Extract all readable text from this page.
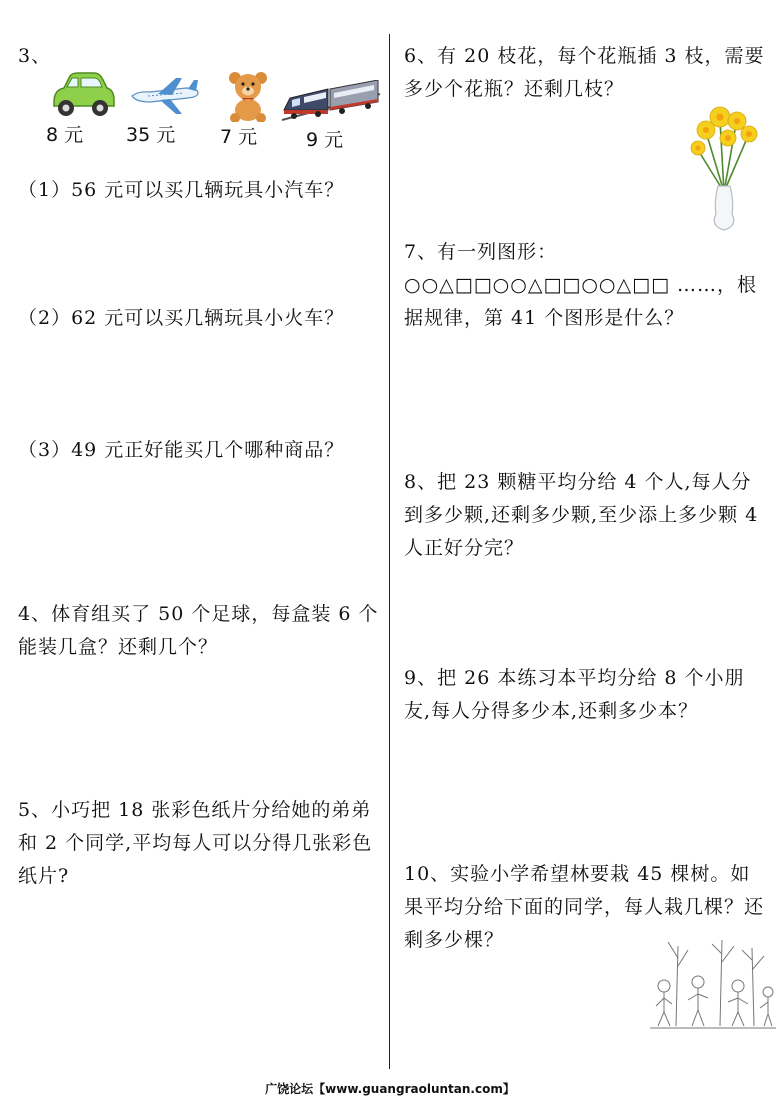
3、
8 元 35 元 7 元	9 元
（1）56 元可以买几辆玩具小汽车？
（2）62 元可以买几辆玩具小火车？
（3）49 元正好能买几个哪种商品？
4、体育组买了 50 个足球，每盒装 6 个能装几盒？还剩几个？
5、小巧把 18 张彩色纸片分给她的弟弟和 2 个同学,平均每人可以分得几张彩色纸片?
6、有 20 枝花，每个花瓶插 3 枝，需要多少个花瓶？还剩几枝？
7、有一列图形：○○△□□○○△□□○○△□□ ……，根据规律，第 41 个图形是什么？
8、把 23 颗糖平均分给 4 个人,每人分到多少颗,还剩多少颗,至少添上多少颗 4 人正好分完？
9、把 26 本练习本平均分给 8 个小朋友,每人分得多少本,还剩多少本？
10、实验小学希望林要栽 45 棵树。如果平均分给下面的同学，每人栽几棵？还剩多少棵？
广饶论坛【www.guangraoluntan.com】
